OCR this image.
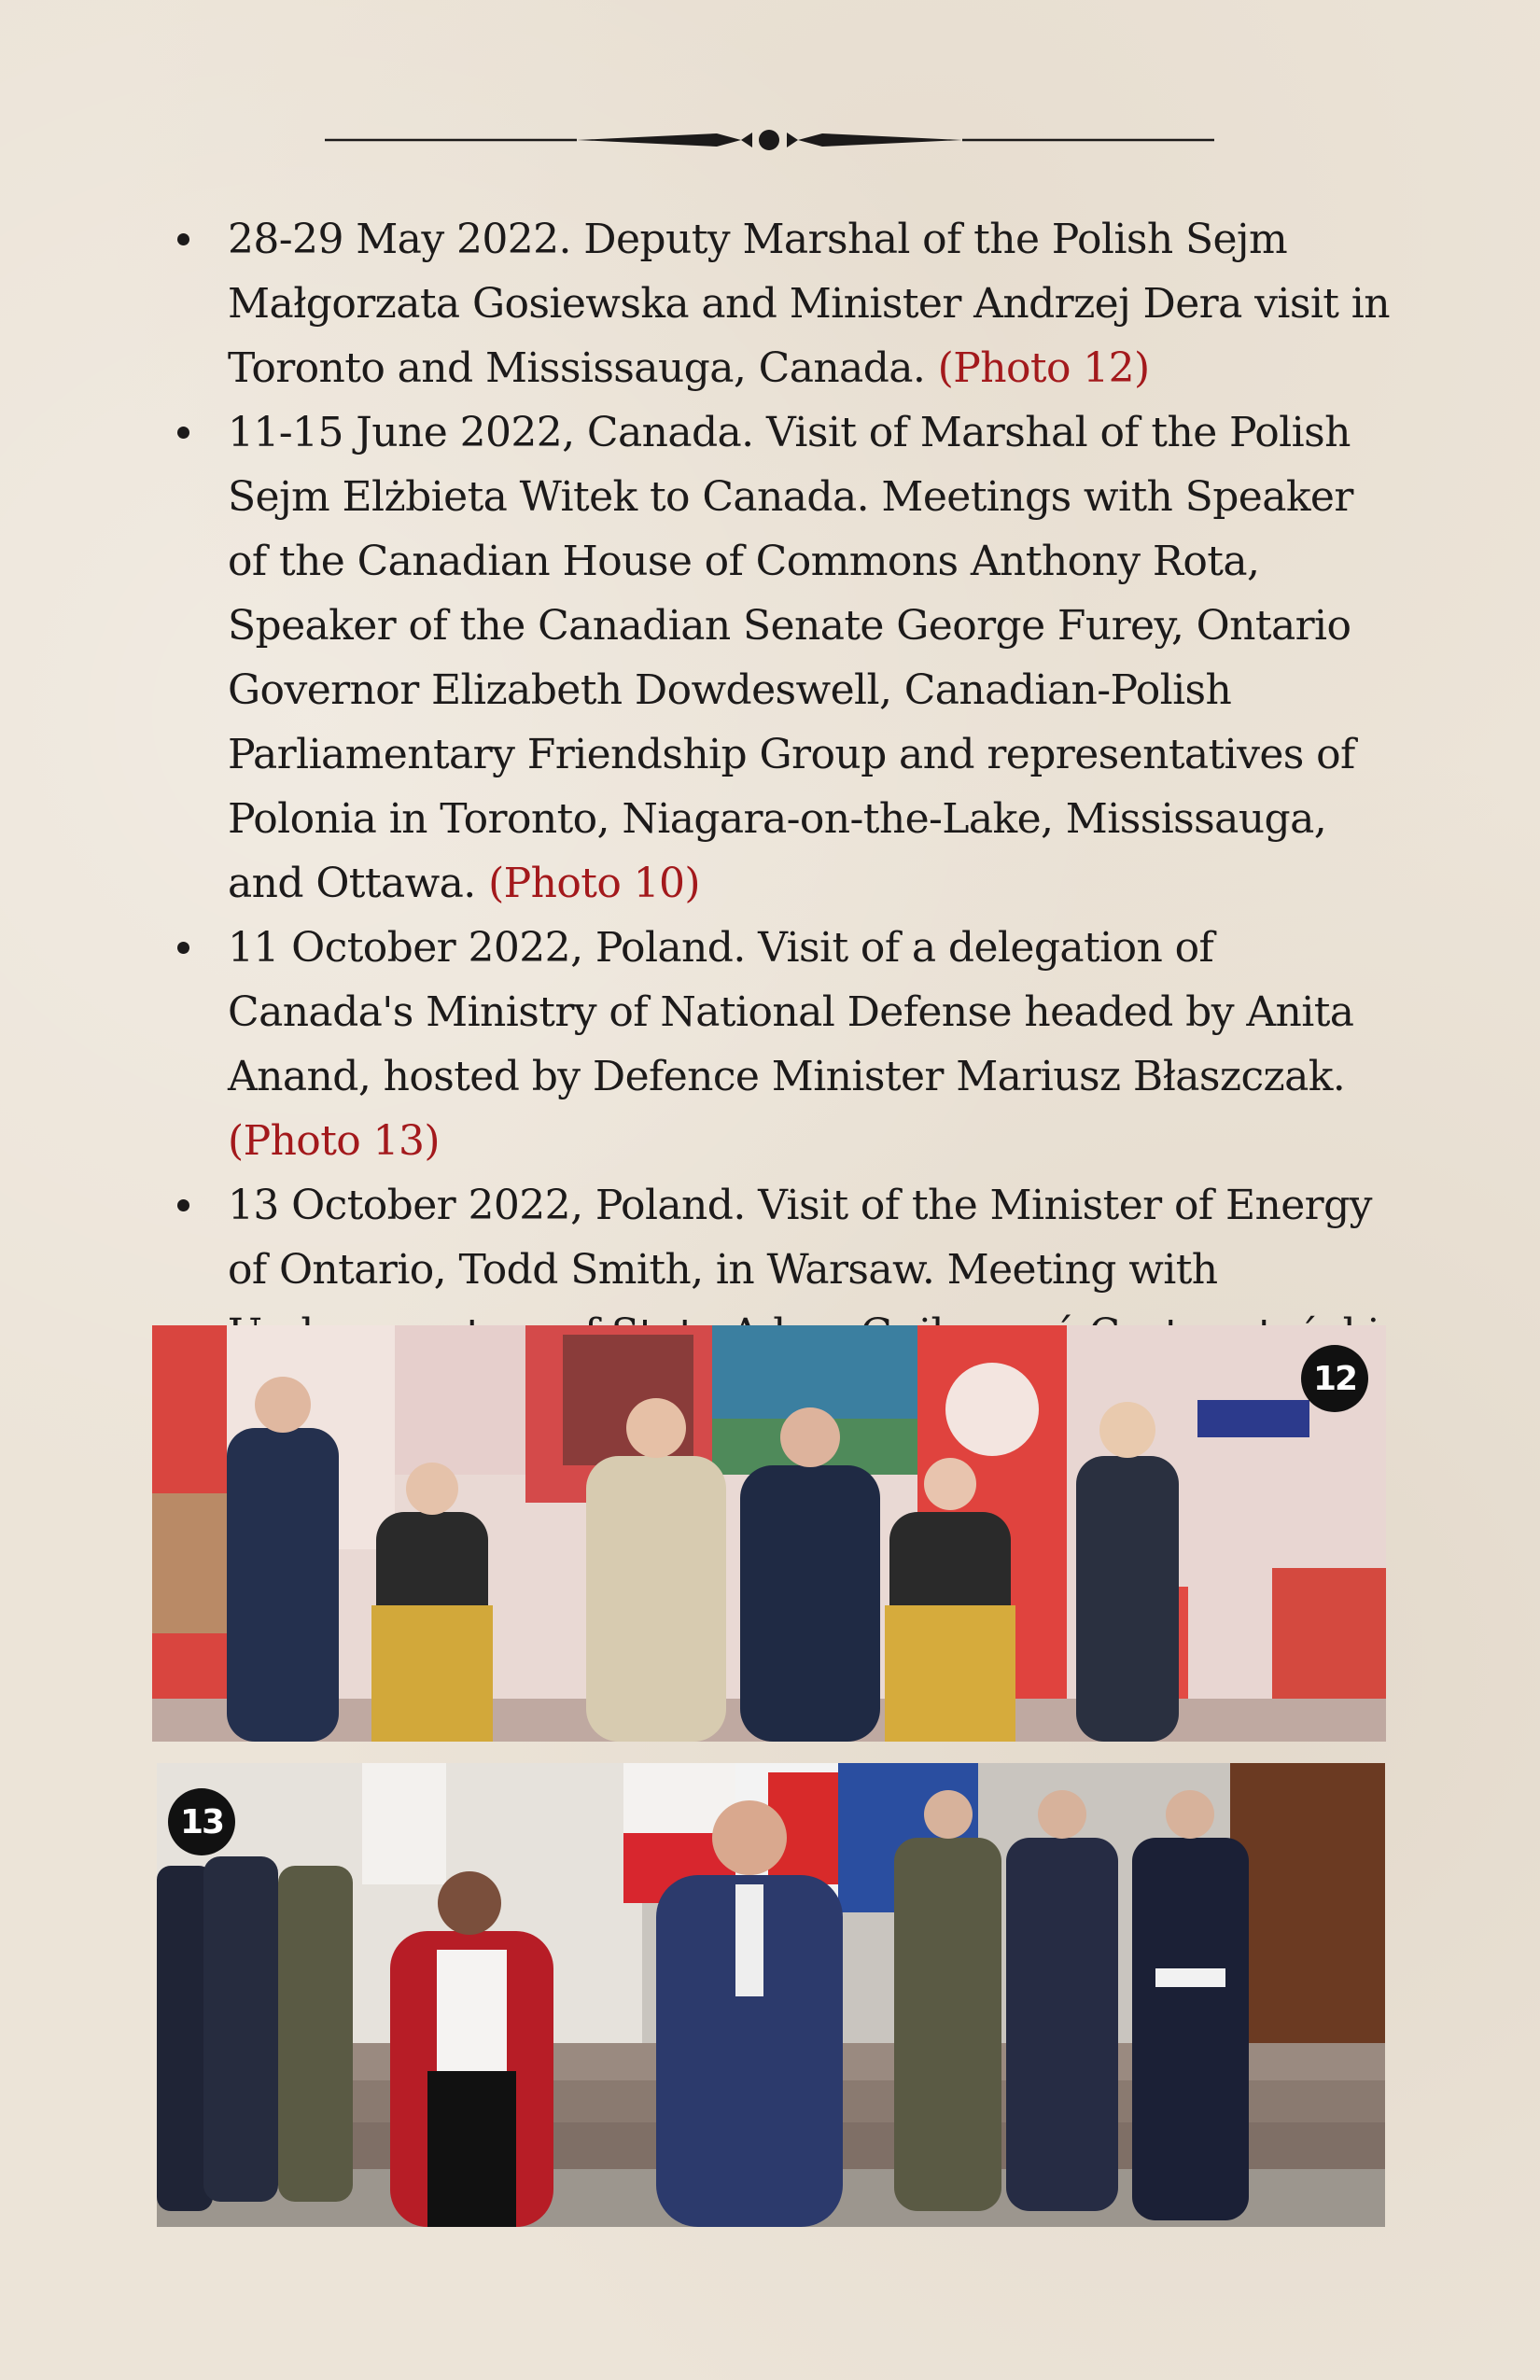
28-29 May 2022. Deputy Marshal of the Polish Sejm Małgorzata Gosiewska and Minister Andrzej Dera visit in Toronto and Mississauga, Canada. (Photo 12)
11-15 June 2022, Canada. Visit of Marshal of the Polish Sejm Elżbieta Witek to Canada. Meetings with Speaker of the Canadian House of Commons Anthony Rota, Speaker of the Canadian Senate George Furey, Ontario Governor Elizabeth Dowdeswell, Canadian-Polish Parliamentary Friendship Group and representatives of Polonia in Toronto, Niagara-on-the-Lake, Mississauga, and Ottawa. (Photo 10)
11 October 2022, Poland. Visit of a delegation of Canada's Ministry of National Defense headed by Anita Anand, hosted by Defence Minister Mariusz Błaszczak. (Photo 13)
13 October 2022, Poland. Visit of the Minister of Energy of Ontario, Todd Smith, in Warsaw. Meeting with
12
13
